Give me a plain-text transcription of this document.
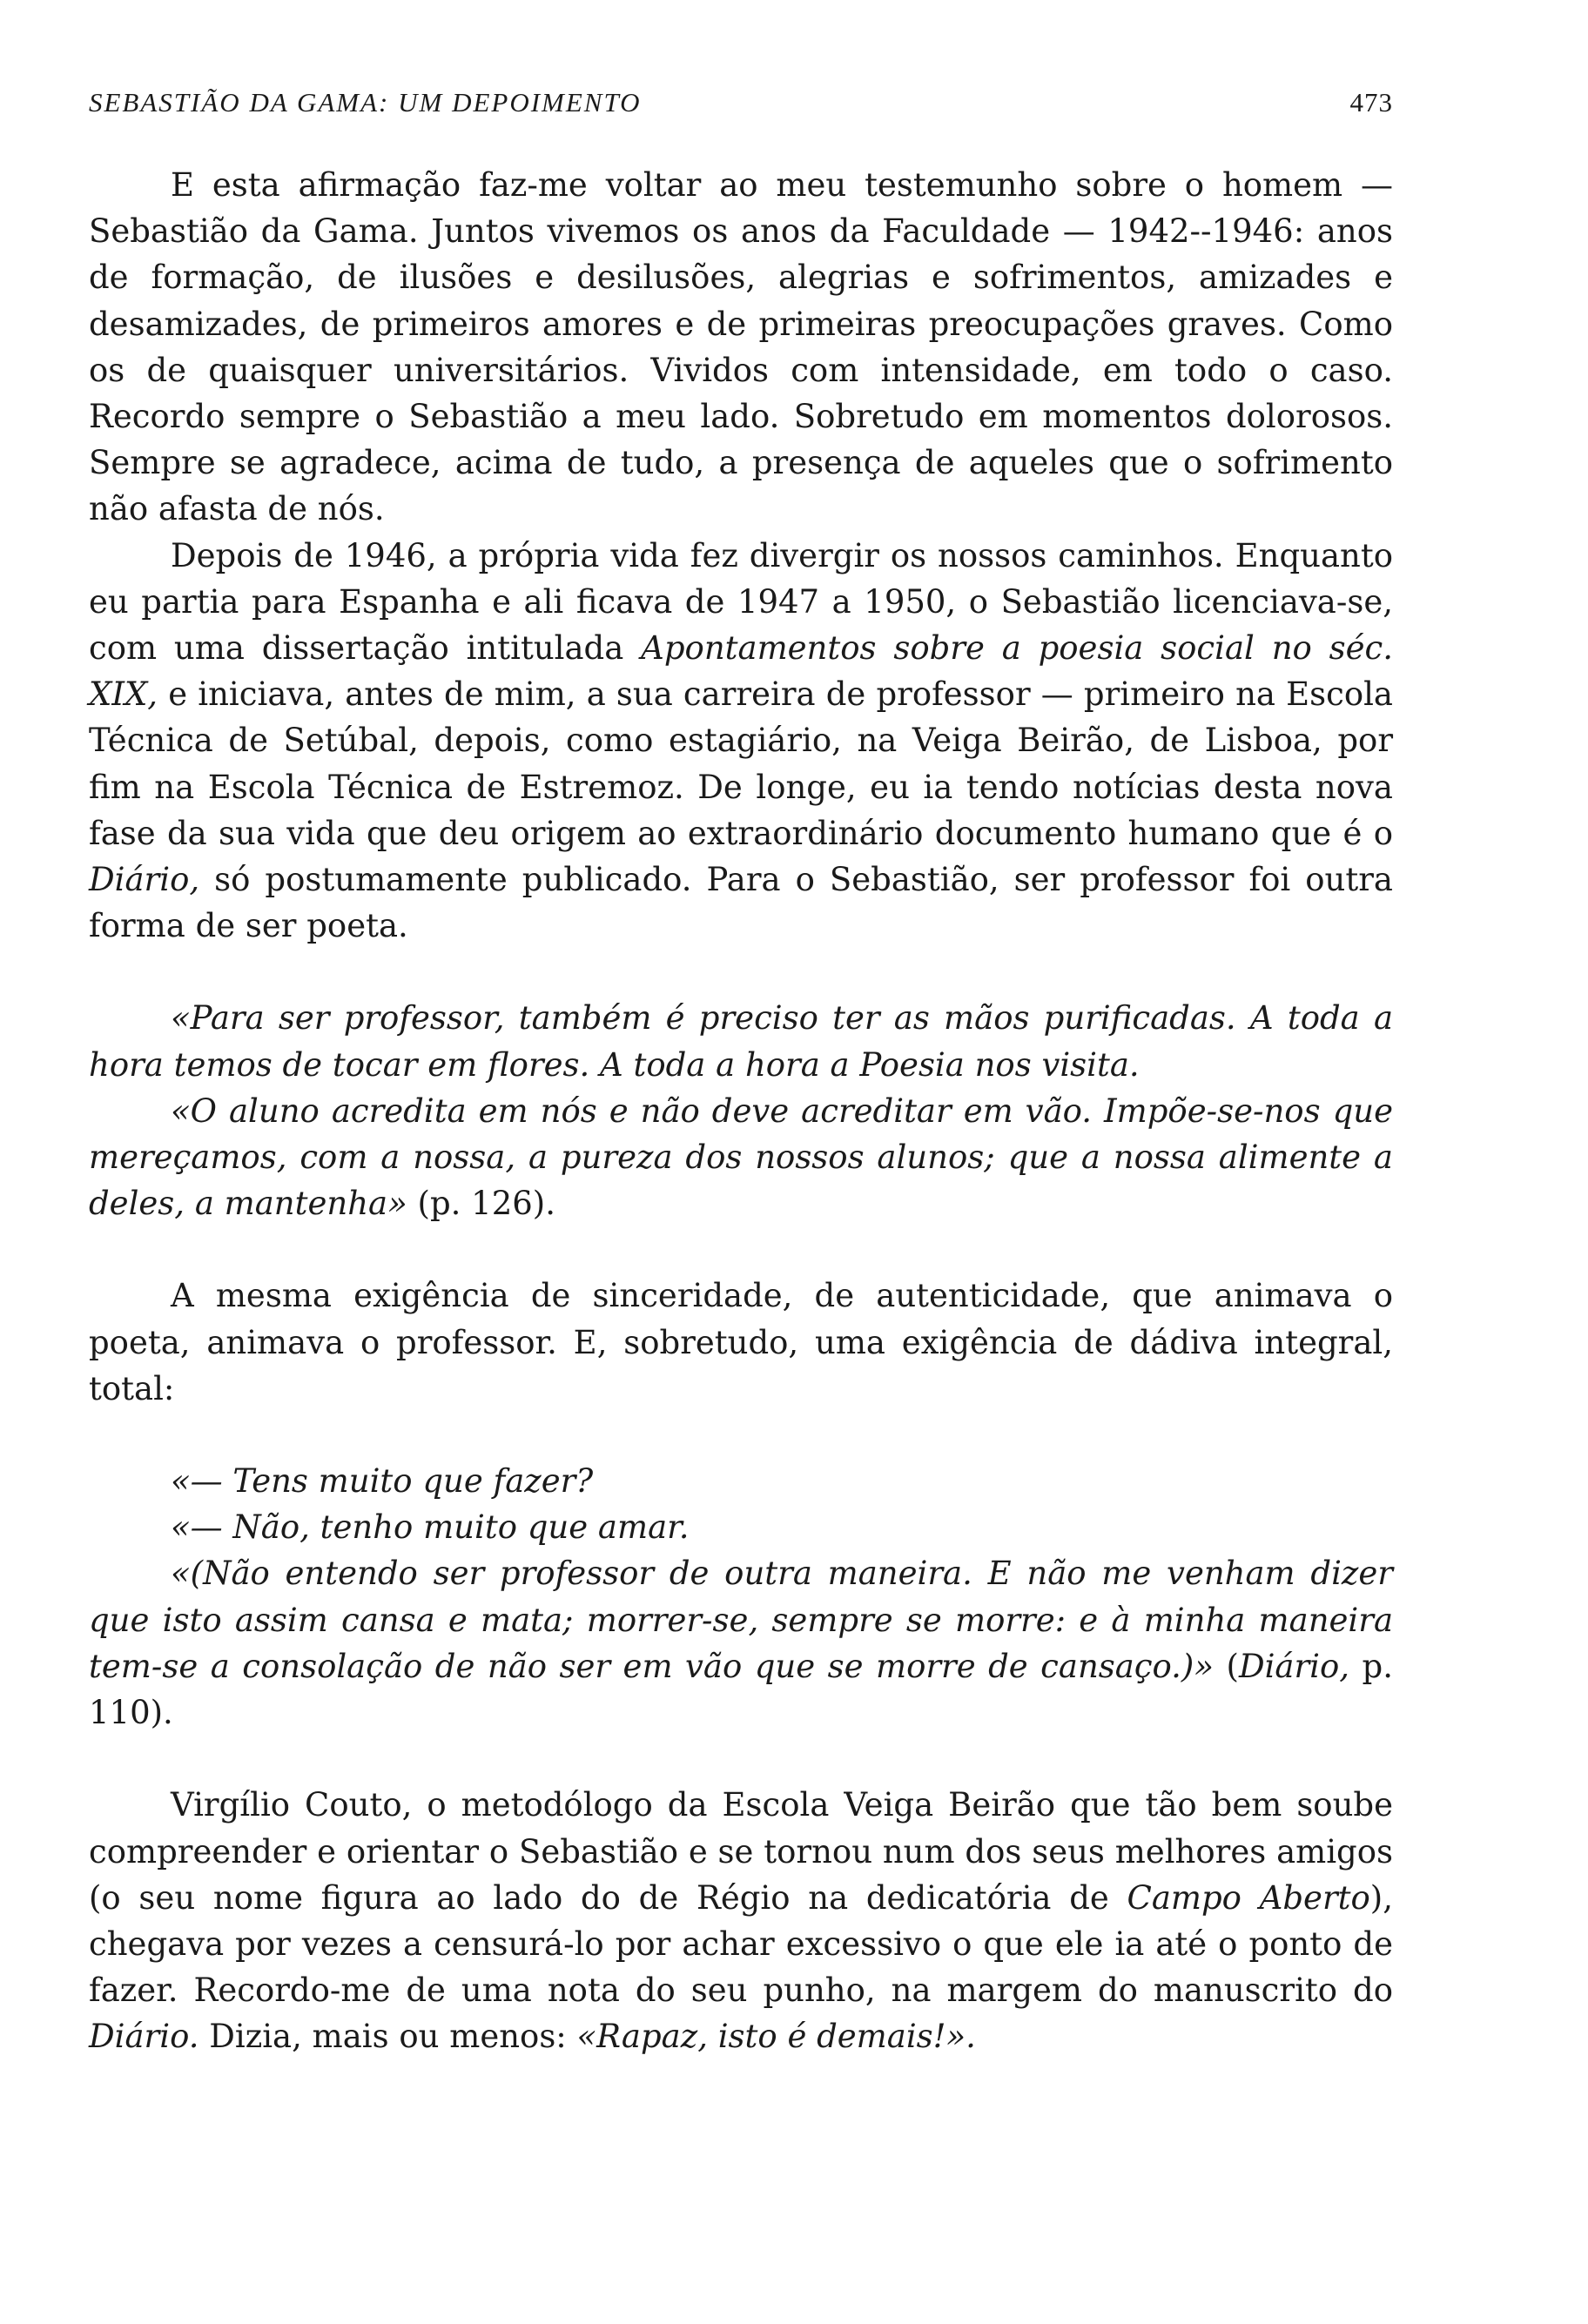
SEBASTIÃO DA GAMA: UM DEPOIMENTO	473

E esta afirmação faz-me voltar ao meu testemunho sobre o homem — Sebastião da Gama. Juntos vivemos os anos da Faculdade — 1942--1946: anos de formação, de ilusões e desilusões, alegrias e sofrimentos, amizades e desamizades, de primeiros amores e de primeiras preocupações graves. Como os de quaisquer universitários. Vividos com intensidade, em todo o caso. Recordo sempre o Sebastião a meu lado. Sobretudo em momentos dolorosos. Sempre se agradece, acima de tudo, a presença de aqueles que o sofrimento não afasta de nós.

Depois de 1946, a própria vida fez divergir os nossos caminhos. Enquanto eu partia para Espanha e ali ficava de 1947 a 1950, o Sebastião licenciava-se, com uma dissertação intitulada Apontamentos sobre a poesia social no séc. XIX, e iniciava, antes de mim, a sua carreira de professor — primeiro na Escola Técnica de Setúbal, depois, como estagiário, na Veiga Beirão, de Lisboa, por fim na Escola Técnica de Estremoz. De longe, eu ia tendo notícias desta nova fase da sua vida que deu origem ao extraordinário documento humano que é o Diário, só postumamente publicado. Para o Sebastião, ser professor foi outra forma de ser poeta.

«Para ser professor, também é preciso ter as mãos purificadas. A toda a hora temos de tocar em flores. A toda a hora a Poesia nos visita.

«O aluno acredita em nós e não deve acreditar em vão. Impõe-se-nos que mereçamos, com a nossa, a pureza dos nossos alunos; que a nossa alimente a deles, a mantenha» (p. 126).

A mesma exigência de sinceridade, de autenticidade, que animava o poeta, animava o professor. E, sobretudo, uma exigência de dádiva integral, total:

«— Tens muito que fazer?

«— Não, tenho muito que amar.

«(Não entendo ser professor de outra maneira. E não me venham dizer que isto assim cansa e mata; morrer-se, sempre se morre: e à minha maneira tem-se a consolação de não ser em vão que se morre de cansaço.)» (Diário, p. 110).

Virgílio Couto, o metodólogo da Escola Veiga Beirão que tão bem soube compreender e orientar o Sebastião e se tornou num dos seus melhores amigos (o seu nome figura ao lado do de Régio na dedicatória de Campo Aberto), chegava por vezes a censurá-lo por achar excessivo o que ele ia até o ponto de fazer. Recordo-me de uma nota do seu punho, na margem do manuscrito do Diário. Dizia, mais ou menos: «Rapaz, isto é demais!».
